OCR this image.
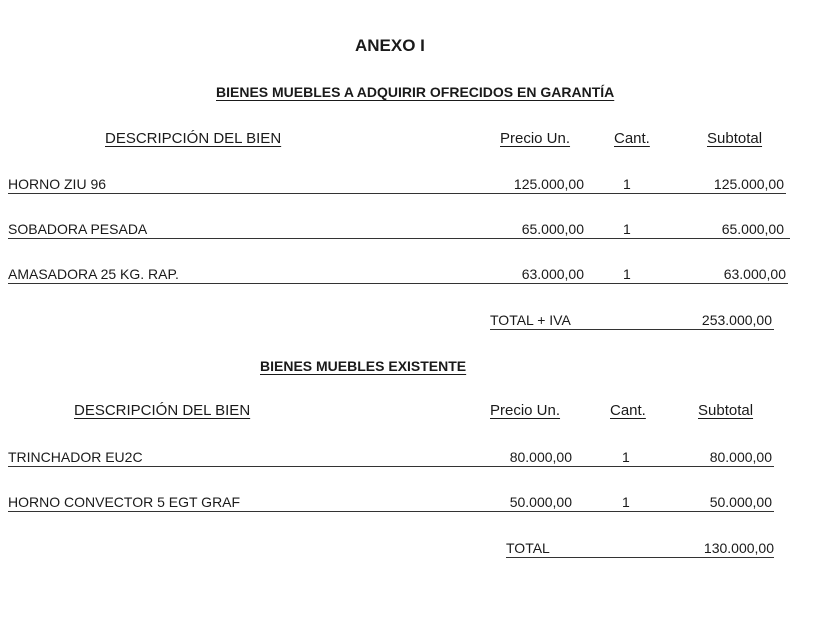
ANEXO I
BIENES MUEBLES A ADQUIRIR OFRECIDOS EN GARANTÍA
DESCRIPCIÓN DEL BIEN	Precio Un.	Cant.	Subtotal
HORNO ZIU 96	125.000,00	1	125.000,00
SOBADORA PESADA	65.000,00	1	65.000,00
AMASADORA 25 KG. RAP.	63.000,00	1	63.000,00
TOTAL + IVA	253.000,00
BIENES MUEBLES EXISTENTE
DESCRIPCIÓN DEL BIEN	Precio Un.	Cant.	Subtotal
TRINCHADOR EU2C	80.000,00	1	80.000,00
HORNO CONVECTOR 5 EGT GRAF	50.000,00	1	50.000,00
TOTAL	130.000,00
